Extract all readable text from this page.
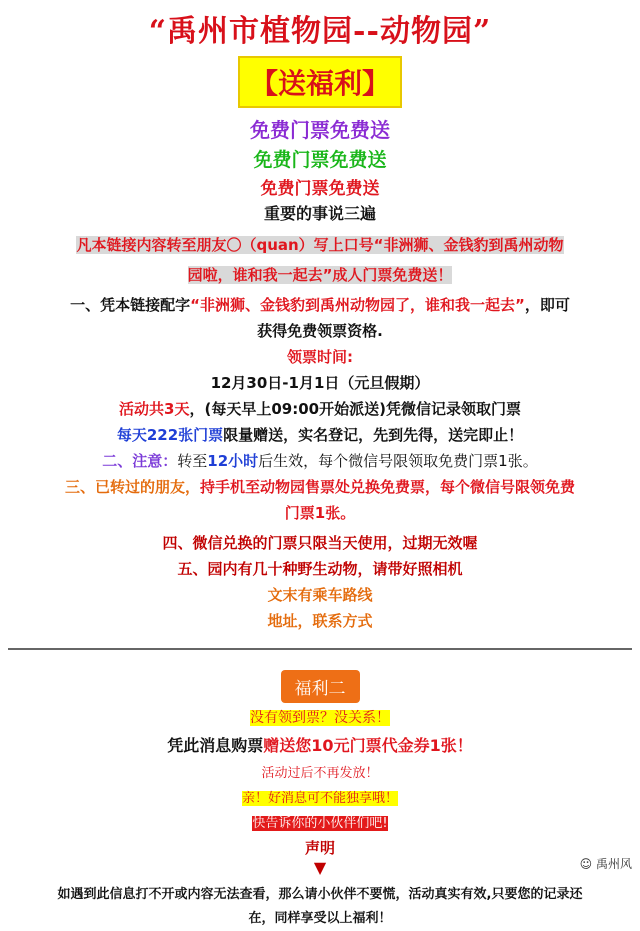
“禹州市植物园--动物园”
【送福利】
免费门票免费送
免费门票免费送
免费门票免费送
重要的事说三遍
凡本链接内容转至朋友〇（quan）写上口号“非洲狮、金钱豹到禹州动物
园啦，谁和我一起去”成人门票免费送！
一、凭本链接配字“非洲狮、金钱豹到禹州动物园了，谁和我一起去”，即可
获得免费领票资格.
领票时间:
12月30日-1月1日（元旦假期）
活动共3天，(每天早上09:00开始派送)凭微信记录领取门票
每天222张门票限量赠送，实名登记，先到先得，送完即止！
二、注意：转至12小时后生效，每个微信号限领取免费门票1张。
三、已转过的朋友，持手机至动物园售票处兑换免费票，每个微信号限领免费
门票1张。
四、微信兑换的门票只限当天使用，过期无效喔
五、园内有几十种野生动物，请带好照相机
文末有乘车路线
地址，联系方式
福利二
没有领到票？没关系！
凭此消息购票赠送您10元门票代金券1张！
活动过后不再发放！
亲！好消息可不能独享哦！
快告诉你的小伙伴们吧!
声明
▼
如遇到此信息打不开或内容无法查看，那么请小伙伴不要慌，活动真实有效,只要您的记录还
在，同样享受以上福利！
☺ 禹州风
